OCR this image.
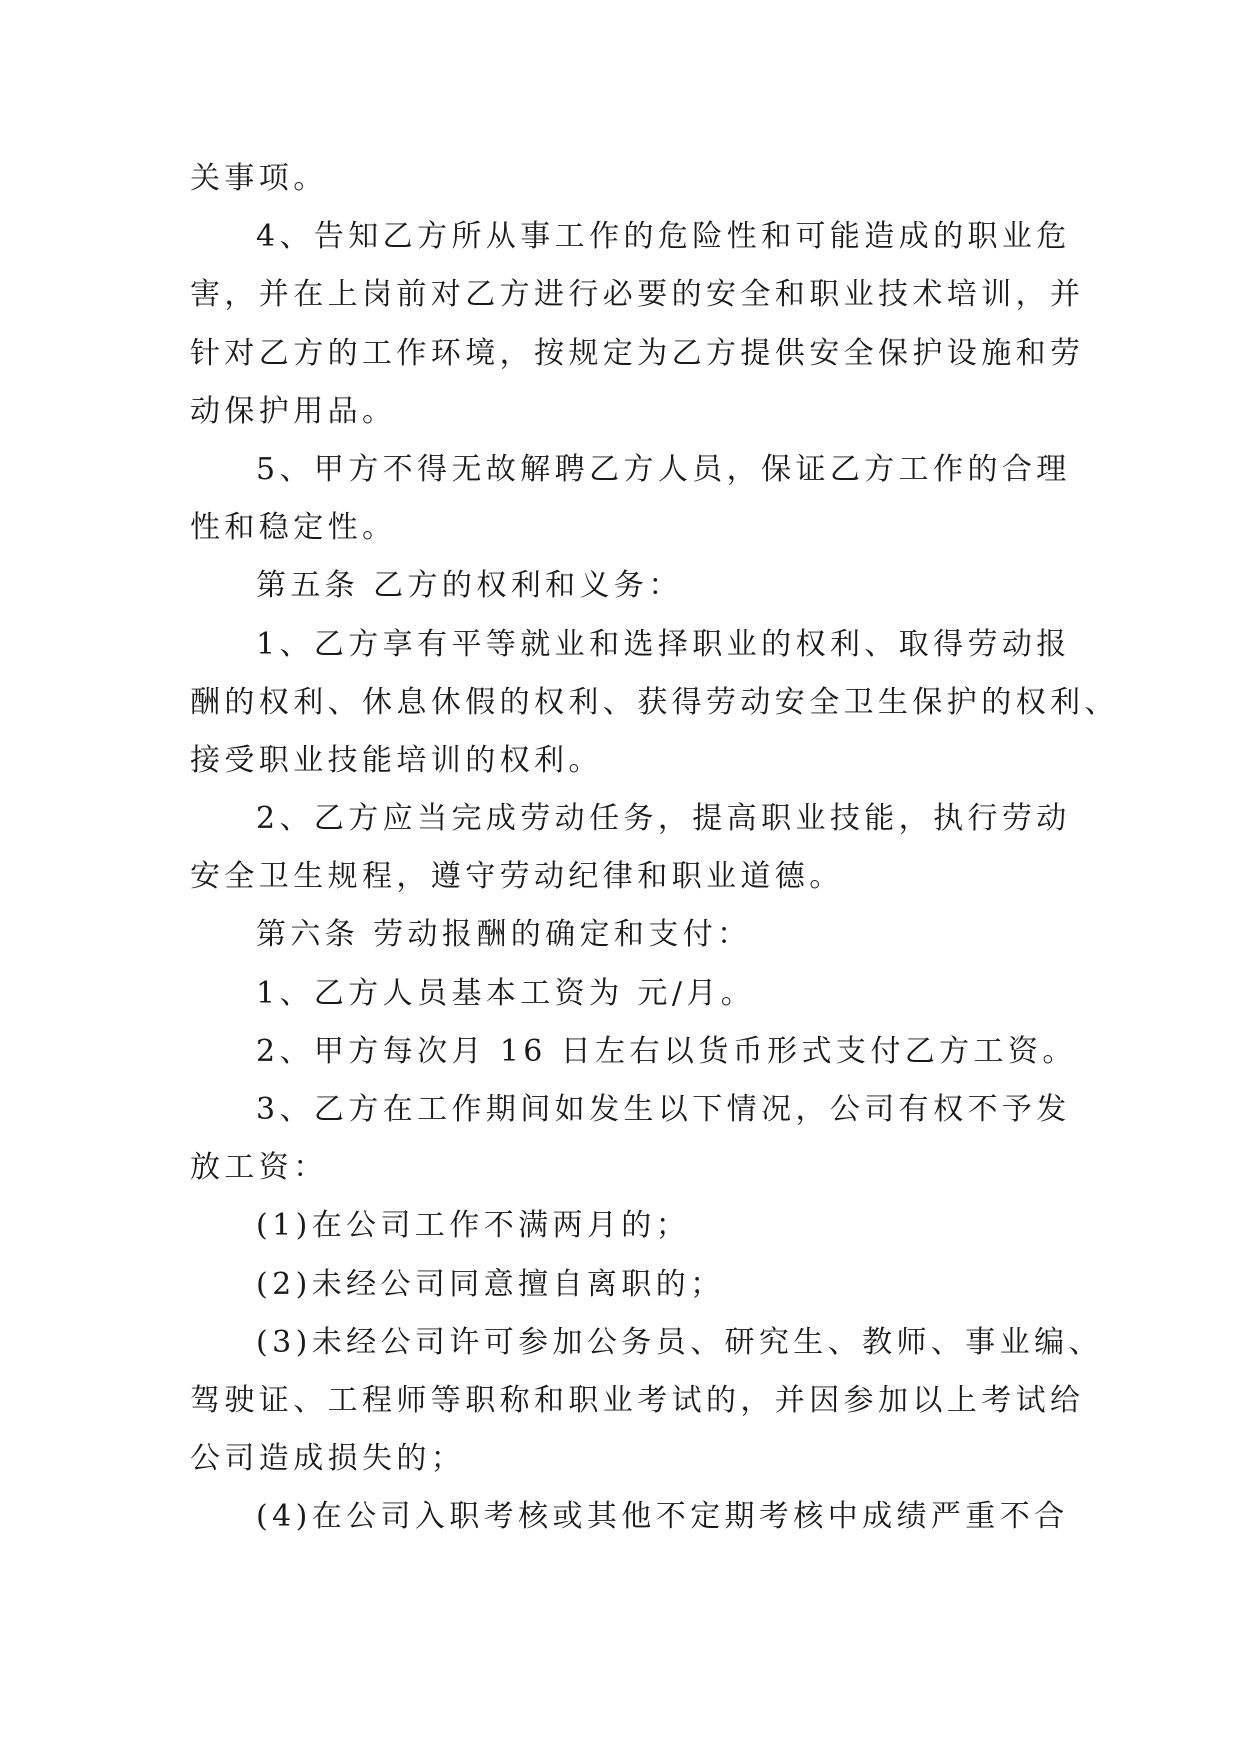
关事项。
4、告知乙方所从事工作的危险性和可能造成的职业危
害，并在上岗前对乙方进行必要的安全和职业技术培训，并
针对乙方的工作环境，按规定为乙方提供安全保护设施和劳
动保护用品。
5、甲方不得无故解聘乙方人员，保证乙方工作的合理
性和稳定性。
第五条 乙方的权利和义务：
1、乙方享有平等就业和选择职业的权利、取得劳动报
酬的权利、休息休假的权利、获得劳动安全卫生保护的权利、
接受职业技能培训的权利。
2、乙方应当完成劳动任务，提高职业技能，执行劳动
安全卫生规程，遵守劳动纪律和职业道德。
第六条 劳动报酬的确定和支付：
1、乙方人员基本工资为 元/月。
2、甲方每次月 16 日左右以货币形式支付乙方工资。
3、乙方在工作期间如发生以下情况，公司有权不予发
放工资：
(1)在公司工作不满两月的；
(2)未经公司同意擅自离职的；
(3)未经公司许可参加公务员、研究生、教师、事业编、
驾驶证、工程师等职称和职业考试的，并因参加以上考试给
公司造成损失的；
(4)在公司入职考核或其他不定期考核中成绩严重不合
